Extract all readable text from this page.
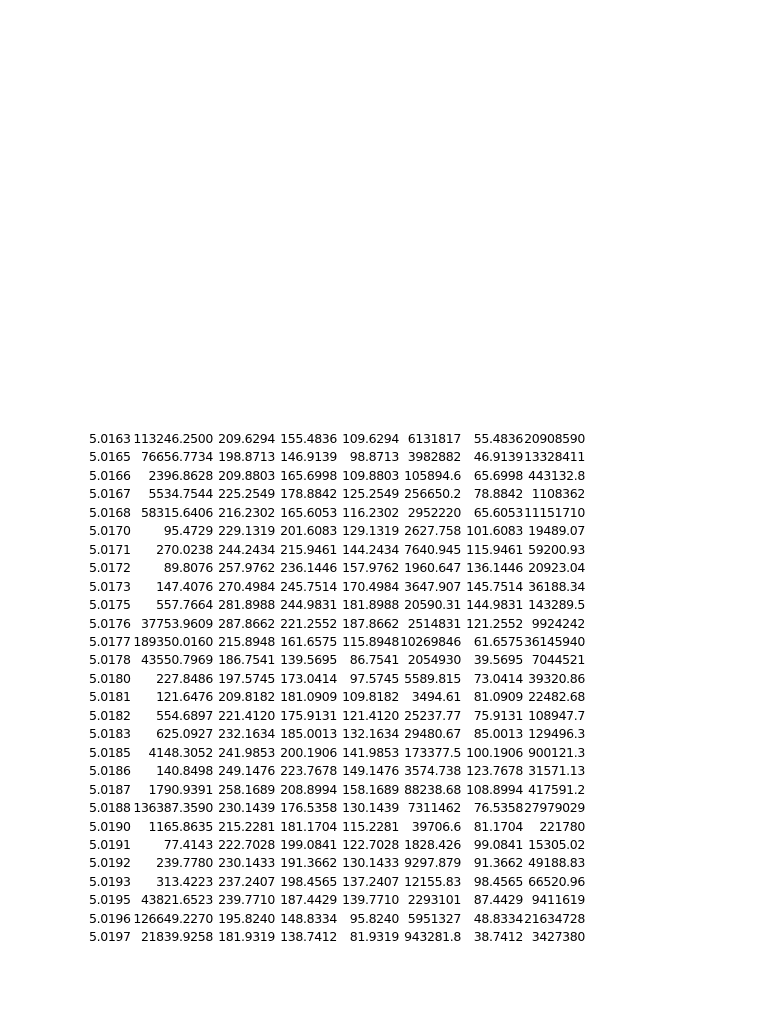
5.0163	113246.2500	209.6294	155.4836	109.6294	6131817	55.4836	20908590
5.0165	76656.7734	198.8713	146.9139	98.8713	3982882	46.9139	13328411
5.0166	2396.8628	209.8803	165.6998	109.8803	105894.6	65.6998	443132.8
5.0167	5534.7544	225.2549	178.8842	125.2549	256650.2	78.8842	1108362
5.0168	58315.6406	216.2302	165.6053	116.2302	2952220	65.6053	11151710
5.0170	95.4729	229.1319	201.6083	129.1319	2627.758	101.6083	19489.07
5.0171	270.0238	244.2434	215.9461	144.2434	7640.945	115.9461	59200.93
5.0172	89.8076	257.9762	236.1446	157.9762	1960.647	136.1446	20923.04
5.0173	147.4076	270.4984	245.7514	170.4984	3647.907	145.7514	36188.34
5.0175	557.7664	281.8988	244.9831	181.8988	20590.31	144.9831	143289.5
5.0176	37753.9609	287.8662	221.2552	187.8662	2514831	121.2552	9924242
5.0177	189350.0160	215.8948	161.6575	115.8948	10269846	61.6575	36145940
5.0178	43550.7969	186.7541	139.5695	86.7541	2054930	39.5695	7044521
5.0180	227.8486	197.5745	173.0414	97.5745	5589.815	73.0414	39320.86
5.0181	121.6476	209.8182	181.0909	109.8182	3494.61	81.0909	22482.68
5.0182	554.6897	221.4120	175.9131	121.4120	25237.77	75.9131	108947.7
5.0183	625.0927	232.1634	185.0013	132.1634	29480.67	85.0013	129496.3
5.0185	4148.3052	241.9853	200.1906	141.9853	173377.5	100.1906	900121.3
5.0186	140.8498	249.1476	223.7678	149.1476	3574.738	123.7678	31571.13
5.0187	1790.9391	258.1689	208.8994	158.1689	88238.68	108.8994	417591.2
5.0188	136387.3590	230.1439	176.5358	130.1439	7311462	76.5358	27979029
5.0190	1165.8635	215.2281	181.1704	115.2281	39706.6	81.1704	221780
5.0191	77.4143	222.7028	199.0841	122.7028	1828.426	99.0841	15305.02
5.0192	239.7780	230.1433	191.3662	130.1433	9297.879	91.3662	49188.83
5.0193	313.4223	237.2407	198.4565	137.2407	12155.83	98.4565	66520.96
5.0195	43821.6523	239.7710	187.4429	139.7710	2293101	87.4429	9411619
5.0196	126649.2270	195.8240	148.8334	95.8240	5951327	48.8334	21634728
5.0197	21839.9258	181.9319	138.7412	81.9319	943281.8	38.7412	3427380
